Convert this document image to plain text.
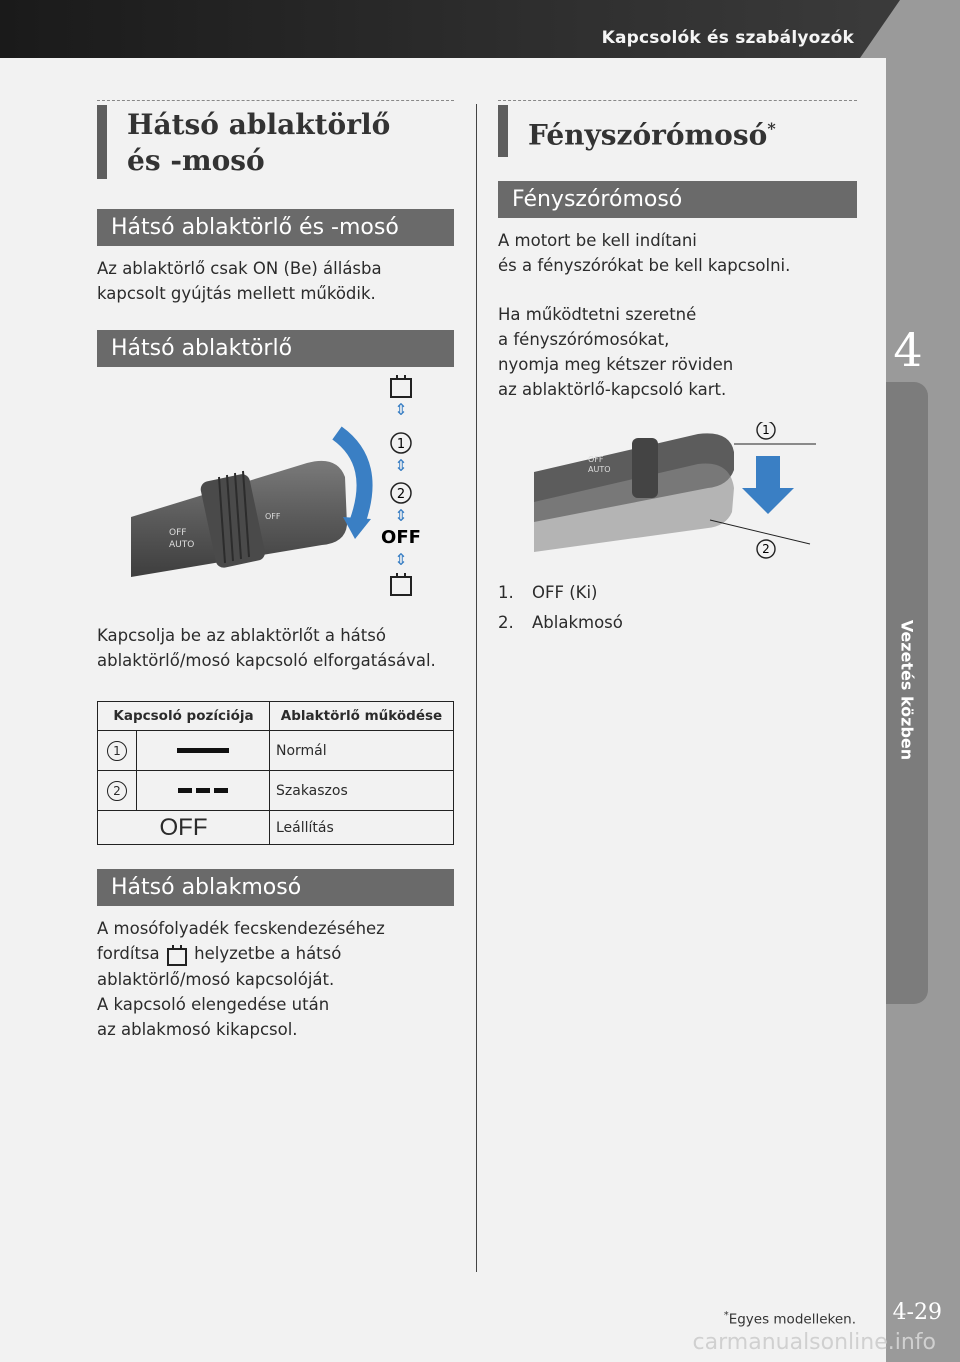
Kapcsolók és szabályozók
4
Vezetés közben
4-29
Hátsó ablaktörlő
és -mosó
Hátsó ablaktörlő és -mosó

Az ablaktörlő csak ON (Be) állásba

kapcsolt gyújtás mellett működik.

Hátsó ablaktörlő
OFF
AUTO
OFF
⇕
1
⇕
2
⇕
OFF
⇕

Kapcsolja be az ablaktörlőt a hátsó

ablaktörlő/mosó kapcsoló elforgatásával.

Kapcsoló pozíciója		Ablaktörlő működése
1		Normál
2		Szakaszos
OFF		Leállítás
Hátsó ablakmosó

A mosófolyadék fecskendezéséhez

fordítsa helyzetbe a hátsó

ablaktörlő/mosó kapcsolóját.

A kapcsoló elengedése után

az ablakmosó kikapcsol.

Fényszórómosó*
Fényszórómosó

A motort be kell indítani

és a fényszórókat be kell kapcsolni.

Ha működtetni szeretné

a fényszórómosókat,

nyomja meg kétszer röviden

az ablaktörlő-kapcsoló kart.

OFF
AUTO
1
2
1. OFF (Ki)
2. Ablakmosó
*Egyes modelleken.
carmanualsonline.info
